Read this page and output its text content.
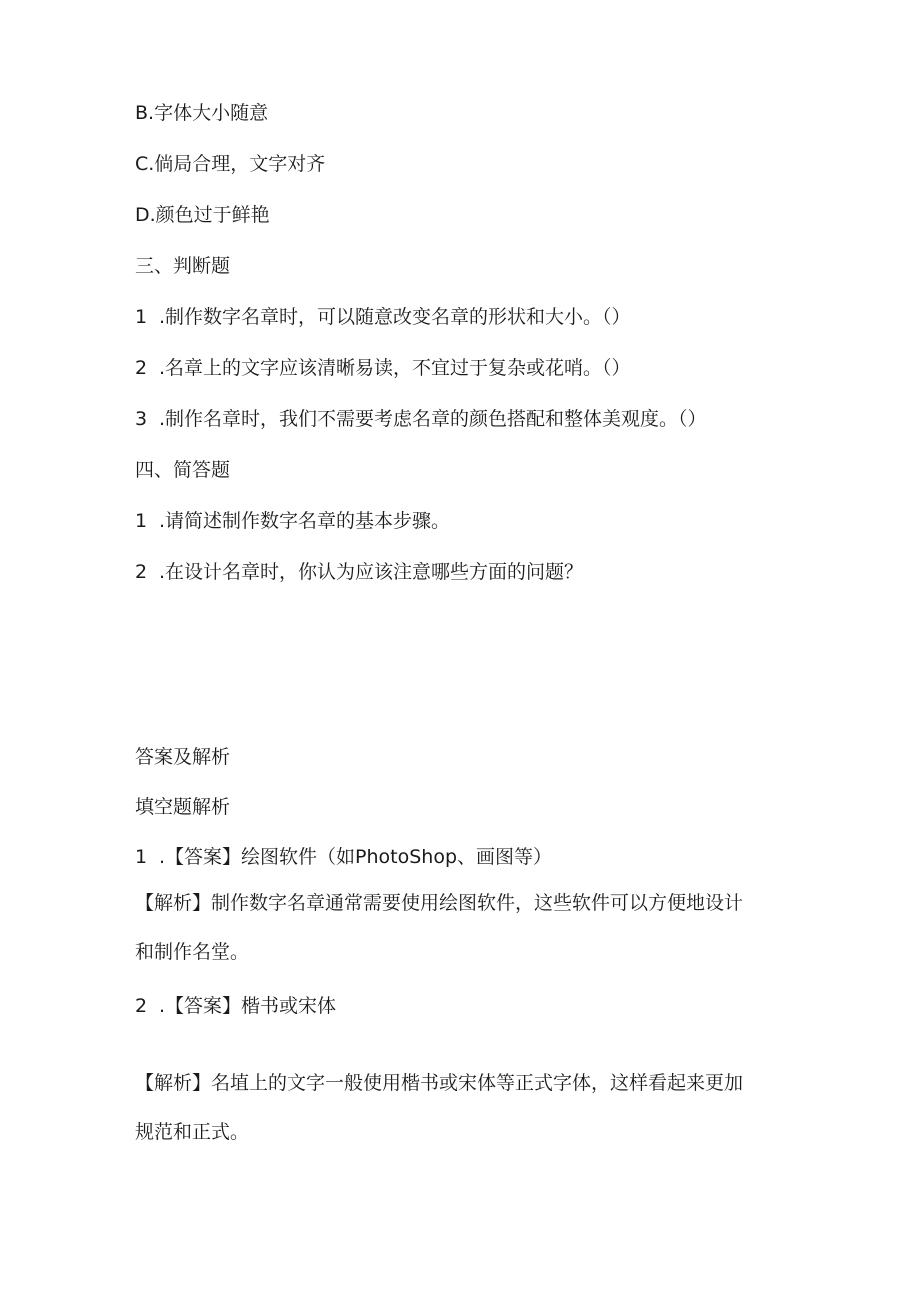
B.字体大小随意
C.倘局合理，文字对齐
D.颜色过于鲜艳
三、判断题
1 .制作数字名章时，可以随意改变名章的形状和大小。（）
2 .名章上的文字应该清晰易读，不宜过于复杂或花哨。（）
3 .制作名章时，我们不需要考虑名章的颜色搭配和整体美观度。（）
四、简答题
1 .请简述制作数字名章的基本步骤。
2 .在设计名章时，你认为应该注意哪些方面的问题？
答案及解析
填空题解析
1 .【答案】绘图软件（如PhotoShop、画图等）
【解析】制作数字名章通常需要使用绘图软件，这些软件可以方便地设计
和制作名堂。
2 .【答案】楷书或宋体
【解析】名埴上的文字一般使用楷书或宋体等正式字体，这样看起来更加
规范和正式。
